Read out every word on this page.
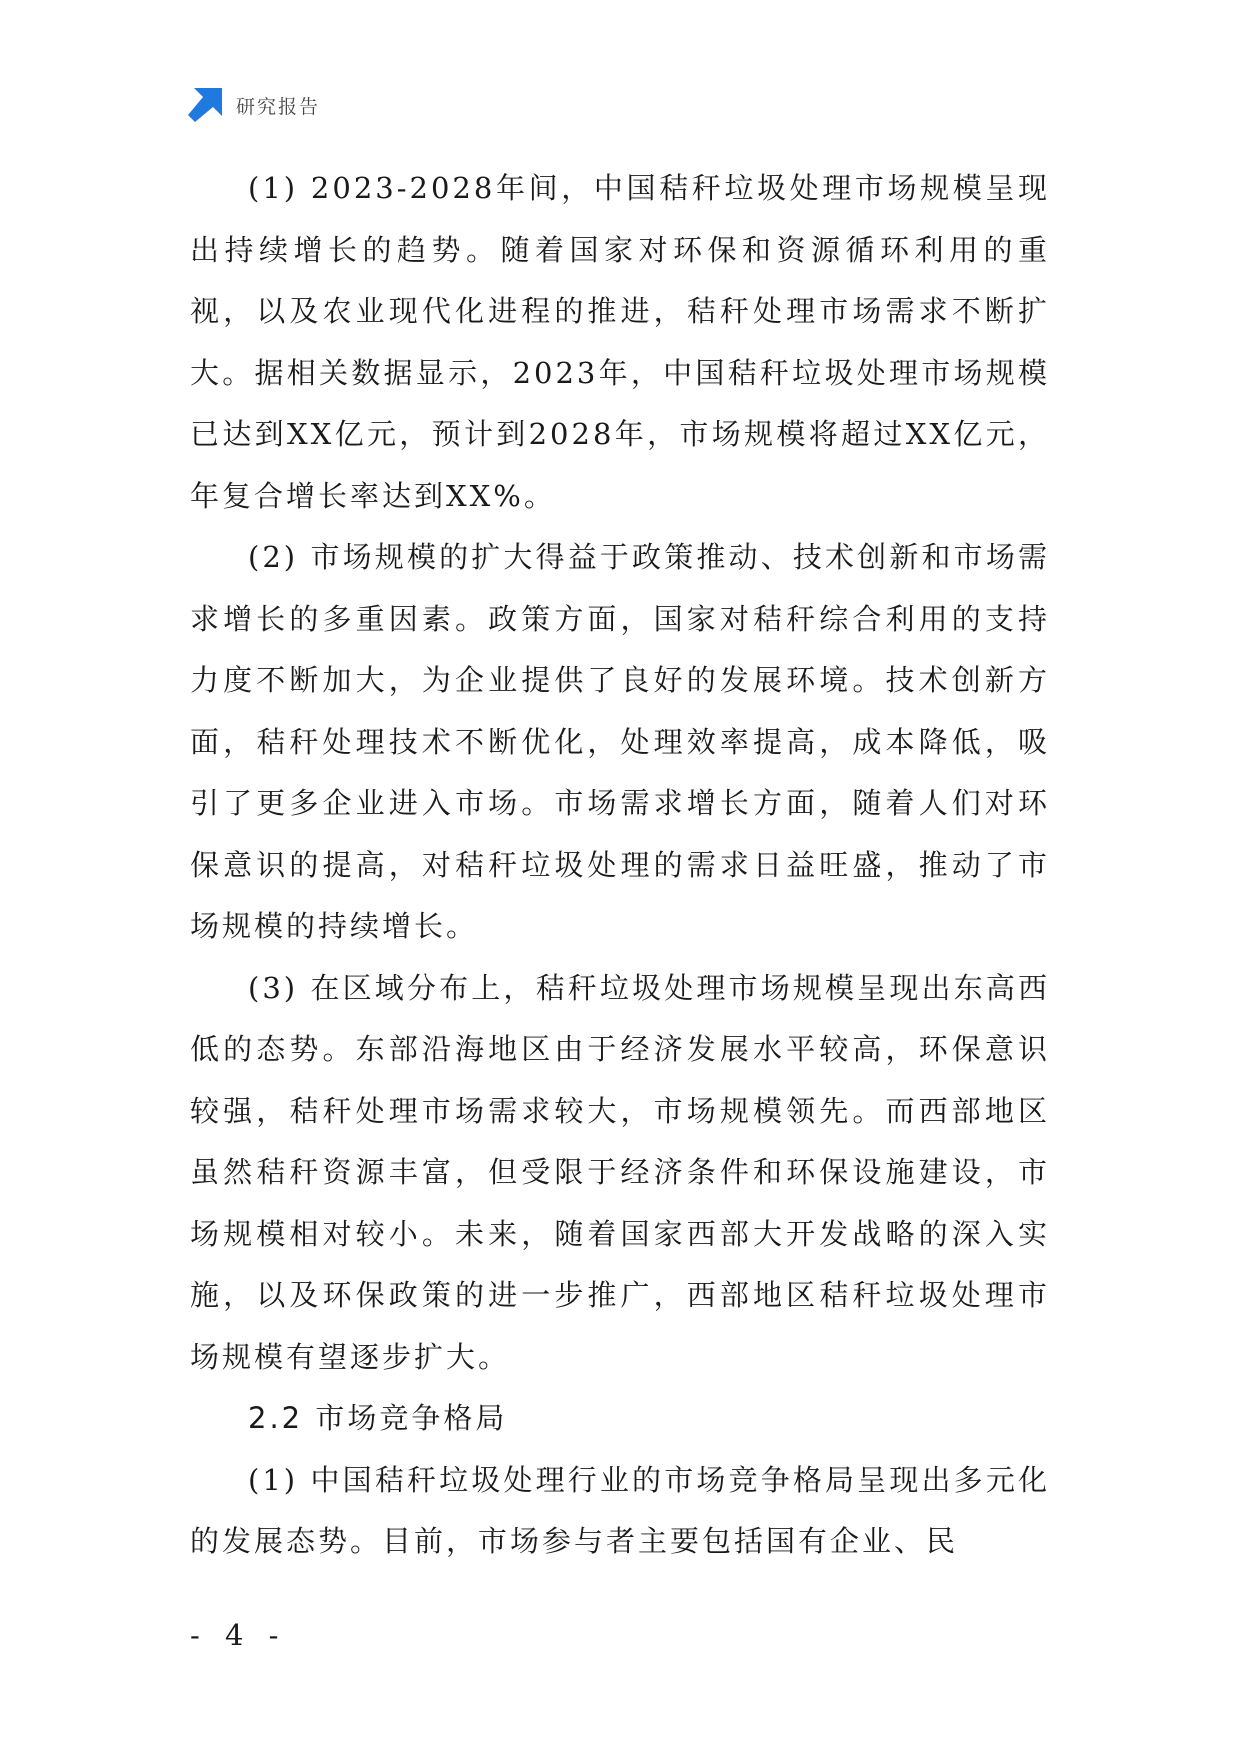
研究报告

(1) 2023-2028年间，中国秸秆垃圾处理市场规模呈现出持续增长的趋势。随着国家对环保和资源循环利用的重视，以及农业现代化进程的推进，秸秆处理市场需求不断扩大。据相关数据显示，2023年，中国秸秆垃圾处理市场规模已达到XX亿元，预计到2028年，市场规模将超过XX亿元，年复合增长率达到XX%。

(2) 市场规模的扩大得益于政策推动、技术创新和市场需求增长的多重因素。政策方面，国家对秸秆综合利用的支持力度不断加大，为企业提供了良好的发展环境。技术创新方面，秸秆处理技术不断优化，处理效率提高，成本降低，吸引了更多企业进入市场。市场需求增长方面，随着人们对环保意识的提高，对秸秆垃圾处理的需求日益旺盛，推动了市场规模的持续增长。

(3) 在区域分布上，秸秆垃圾处理市场规模呈现出东高西低的态势。东部沿海地区由于经济发展水平较高，环保意识较强，秸秆处理市场需求较大，市场规模领先。而西部地区虽然秸秆资源丰富，但受限于经济条件和环保设施建设，市场规模相对较小。未来，随着国家西部大开发战略的深入实施，以及环保政策的进一步推广，西部地区秸秆垃圾处理市场规模有望逐步扩大。

2.2 市场竞争格局

(1) 中国秸秆垃圾处理行业的市场竞争格局呈现出多元化的发展态势。目前，市场参与者主要包括国有企业、民

- 4 -
